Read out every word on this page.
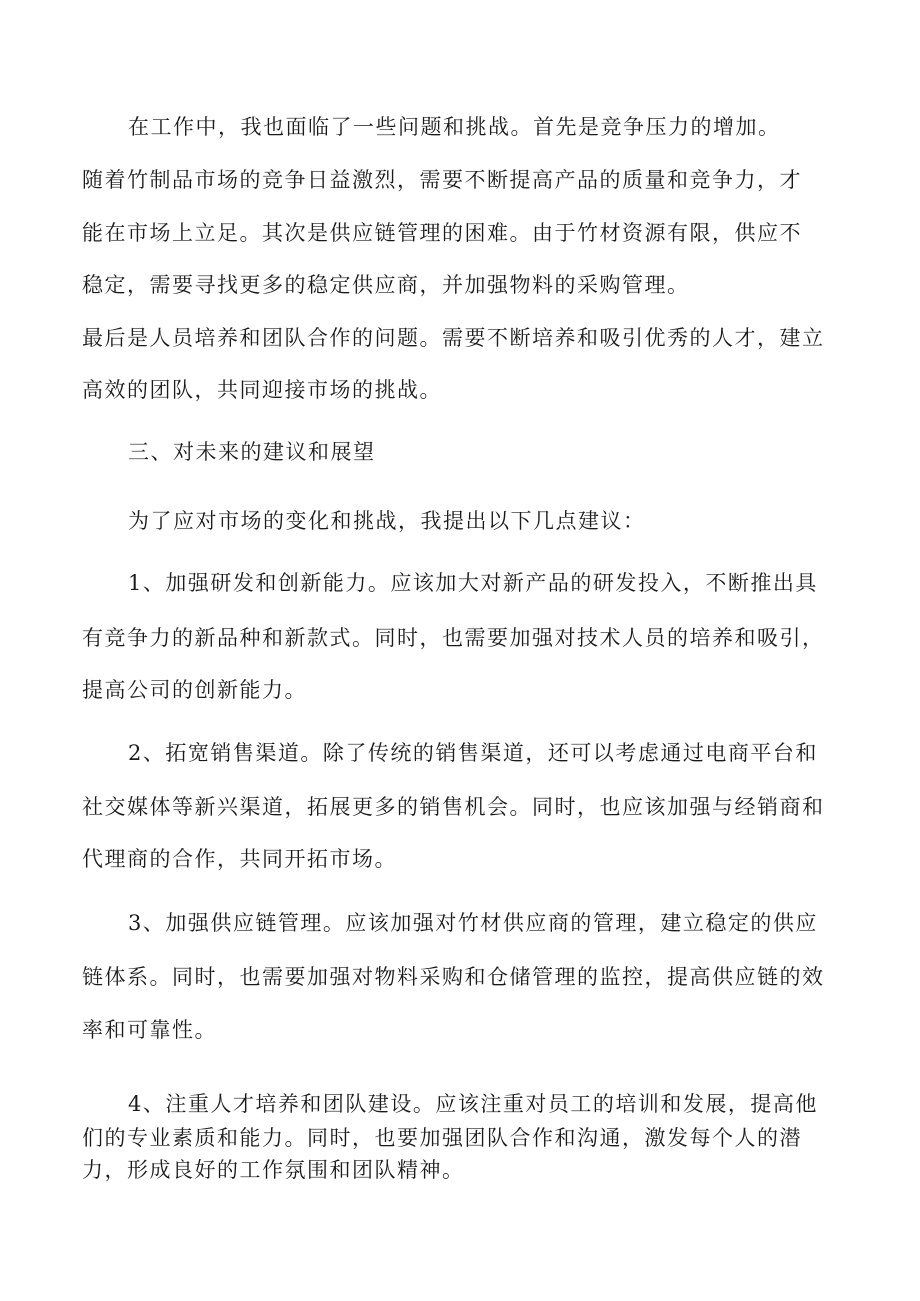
在工作中，我也面临了一些问题和挑战。首先是竞争压力的增加。
随着竹制品市场的竞争日益激烈，需要不断提高产品的质量和竞争力，才
能在市场上立足。其次是供应链管理的困难。由于竹材资源有限，供应不
稳定，需要寻找更多的稳定供应商，并加强物料的采购管理。
最后是人员培养和团队合作的问题。需要不断培养和吸引优秀的人才，建立
高效的团队，共同迎接市场的挑战。
三、对未来的建议和展望
为了应对市场的变化和挑战，我提出以下几点建议：
1、加强研发和创新能力。应该加大对新产品的研发投入，不断推出具
有竞争力的新品种和新款式。同时，也需要加强对技术人员的培养和吸引，
提高公司的创新能力。
2、拓宽销售渠道。除了传统的销售渠道，还可以考虑通过电商平台和
社交媒体等新兴渠道，拓展更多的销售机会。同时，也应该加强与经销商和
代理商的合作，共同开拓市场。
3、加强供应链管理。应该加强对竹材供应商的管理，建立稳定的供应
链体系。同时，也需要加强对物料采购和仓储管理的监控，提高供应链的效
率和可靠性。
4、注重人才培养和团队建设。应该注重对员工的培训和发展，提高他
们的专业素质和能力。同时，也要加强团队合作和沟通，激发每个人的潜
力，形成良好的工作氛围和团队精神。
